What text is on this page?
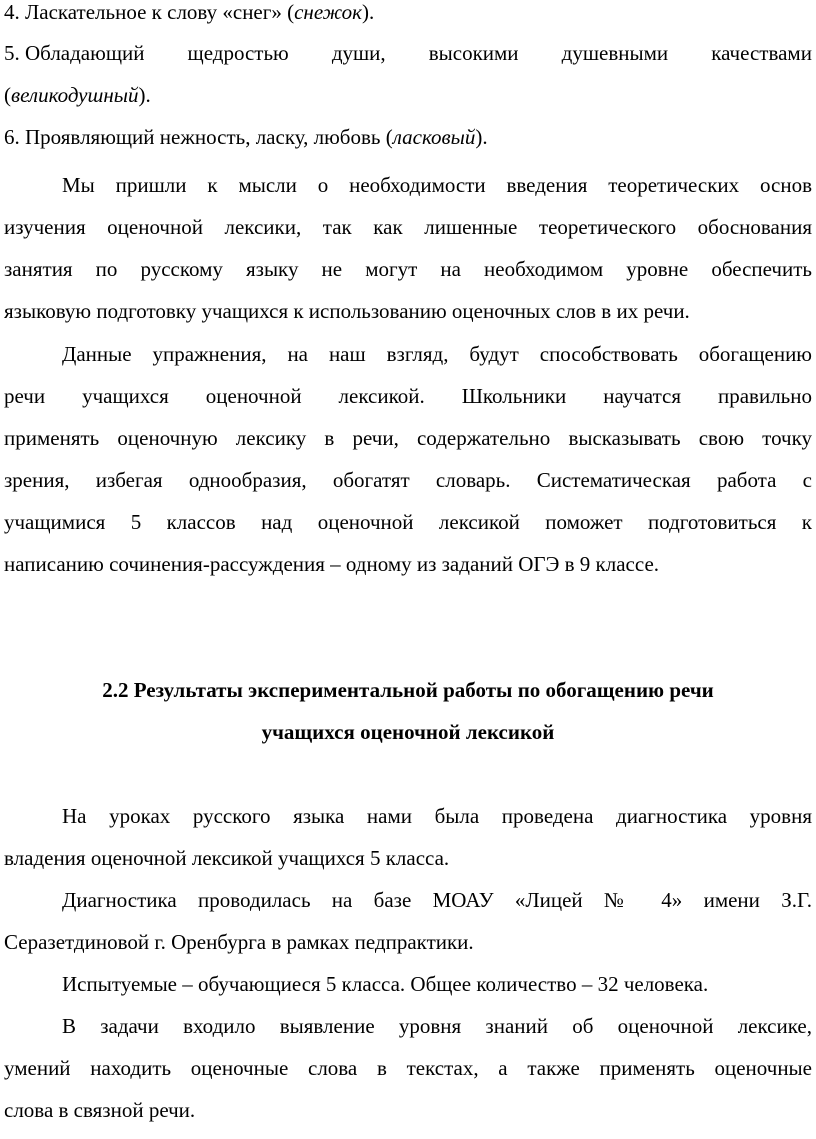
4. Ласкательное к слову «снег» (снежок).
5. Обладающий щедростью души, высокими душевными качествами
(великодушный).
6. Проявляющий нежность, ласку, любовь (ласковый).
Мы пришли к мысли о необходимости введения теоретических основ
изучения оценочной лексики, так как лишенные теоретического обоснования
занятия по русскому языку не могут на необходимом уровне обеспечить
языковую подготовку учащихся к использованию оценочных слов в их речи.
Данные упражнения, на наш взгляд, будут способствовать обогащению
речи учащихся оценочной лексикой. Школьники научатся правильно
применять оценочную лексику в речи, содержательно высказывать свою точку
зрения, избегая однообразия, обогатят словарь. Систематическая работа с
учащимися 5 классов над оценочной лексикой поможет подготовиться к
написанию сочинения-рассуждения – одному из заданий ОГЭ в 9 классе.
2.2 Результаты экспериментальной работы по обогащению речи
учащихся оценочной лексикой
На уроках русского языка нами была проведена диагностика уровня
владения оценочной лексикой учащихся 5 класса.
Диагностика проводилась на базе МОАУ «Лицей № 4» имени З.Г.
Серазетдиновой г. Оренбурга в рамках педпрактики.
Испытуемые – обучающиеся 5 класса. Общее количество – 32 человека.
В задачи входило выявление уровня знаний об оценочной лексике,
умений находить оценочные слова в текстах, а также применять оценочные
слова в связной речи.
